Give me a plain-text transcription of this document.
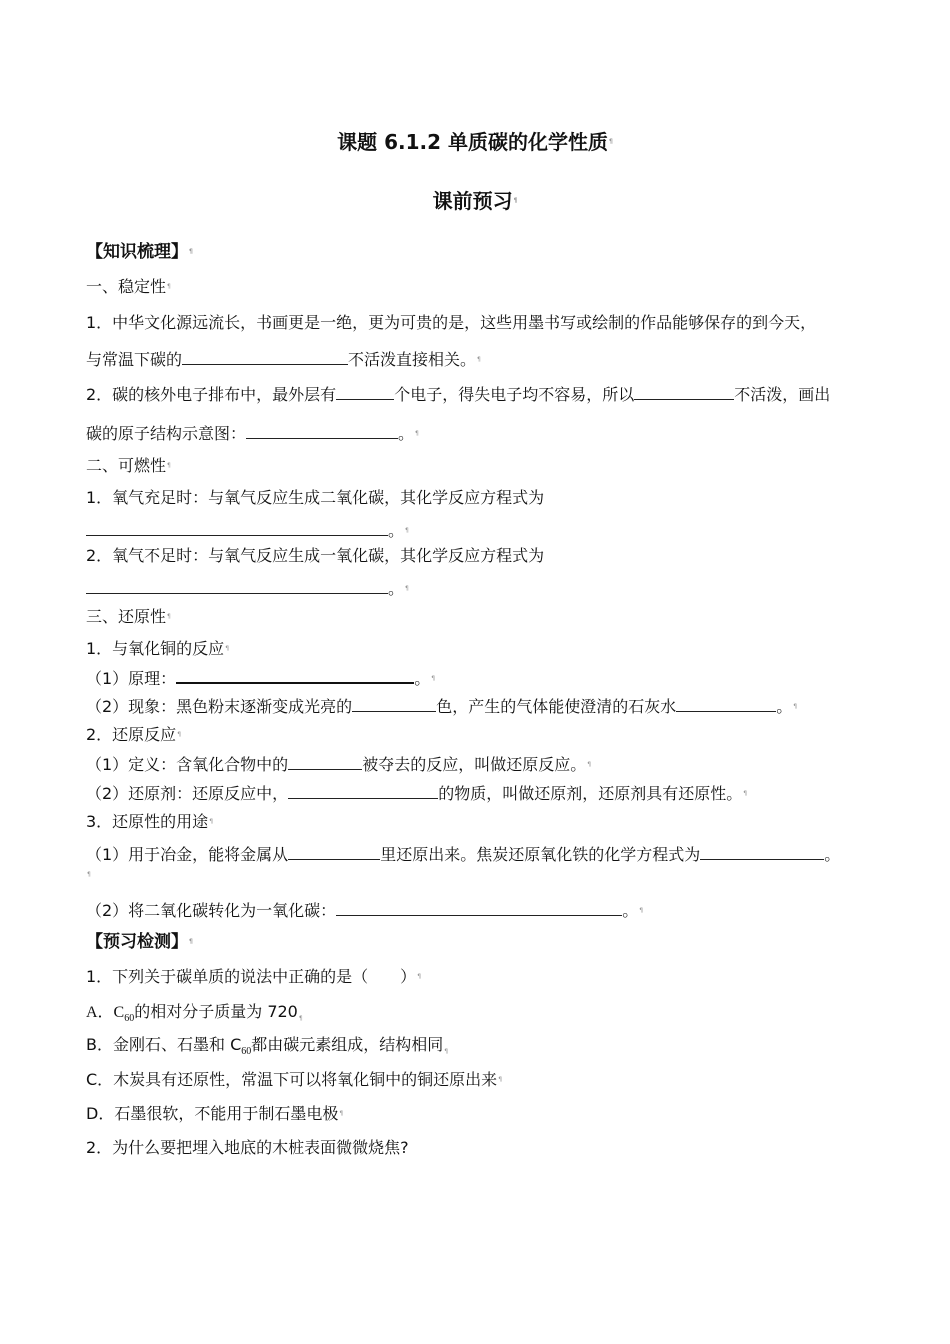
课题 6.1.2 单质碳的化学性质¶
课前预习¶
【知识梳理】¶
一、稳定性¶
1．中华文化源远流长，书画更是一绝，更为可贵的是，这些用墨书写或绘制的作品能够保存的到今天，
与常温下碳的	不活泼直接相关。¶
2．碳的核外电子排布中，最外层有	个电子，得失电子均不容易，所以	不活泼，画出
碳的原子结构示意图：	。¶
二、可燃性¶
1．氧气充足时：与氧气反应生成二氧化碳，其化学反应方程式为
。¶
2．氧气不足时：与氧气反应生成一氧化碳，其化学反应方程式为
。¶
三、还原性¶
1．与氧化铜的反应¶
（1）原理：	。¶
（2）现象：黑色粉末逐渐变成光亮的	色，产生的气体能使澄清的石灰水	。¶
2．还原反应¶
（1）定义：含氧化合物中的	被夺去的反应，叫做还原反应。¶
（2）还原剂：还原反应中，	的物质，叫做还原剂，还原剂具有还原性。¶
3．还原性的用途¶
（1）用于冶金，能将金属从	里还原出来。焦炭还原氧化铁的化学方程式为	。
¶
（2）将二氧化碳转化为一氧化碳：	。¶
【预习检测】¶
1．下列关于碳单质的说法中正确的是（　　）¶
A．$C_{60}$的相对分子质量为 720¶
B．金刚石、石墨和 $C_{60}$都由碳元素组成，结构相同¶
C．木炭具有还原性，常温下可以将氧化铜中的铜还原出来¶
D．石墨很软，不能用于制石墨电极¶
2．为什么要把埋入地底的木桩表面微微烧焦?
